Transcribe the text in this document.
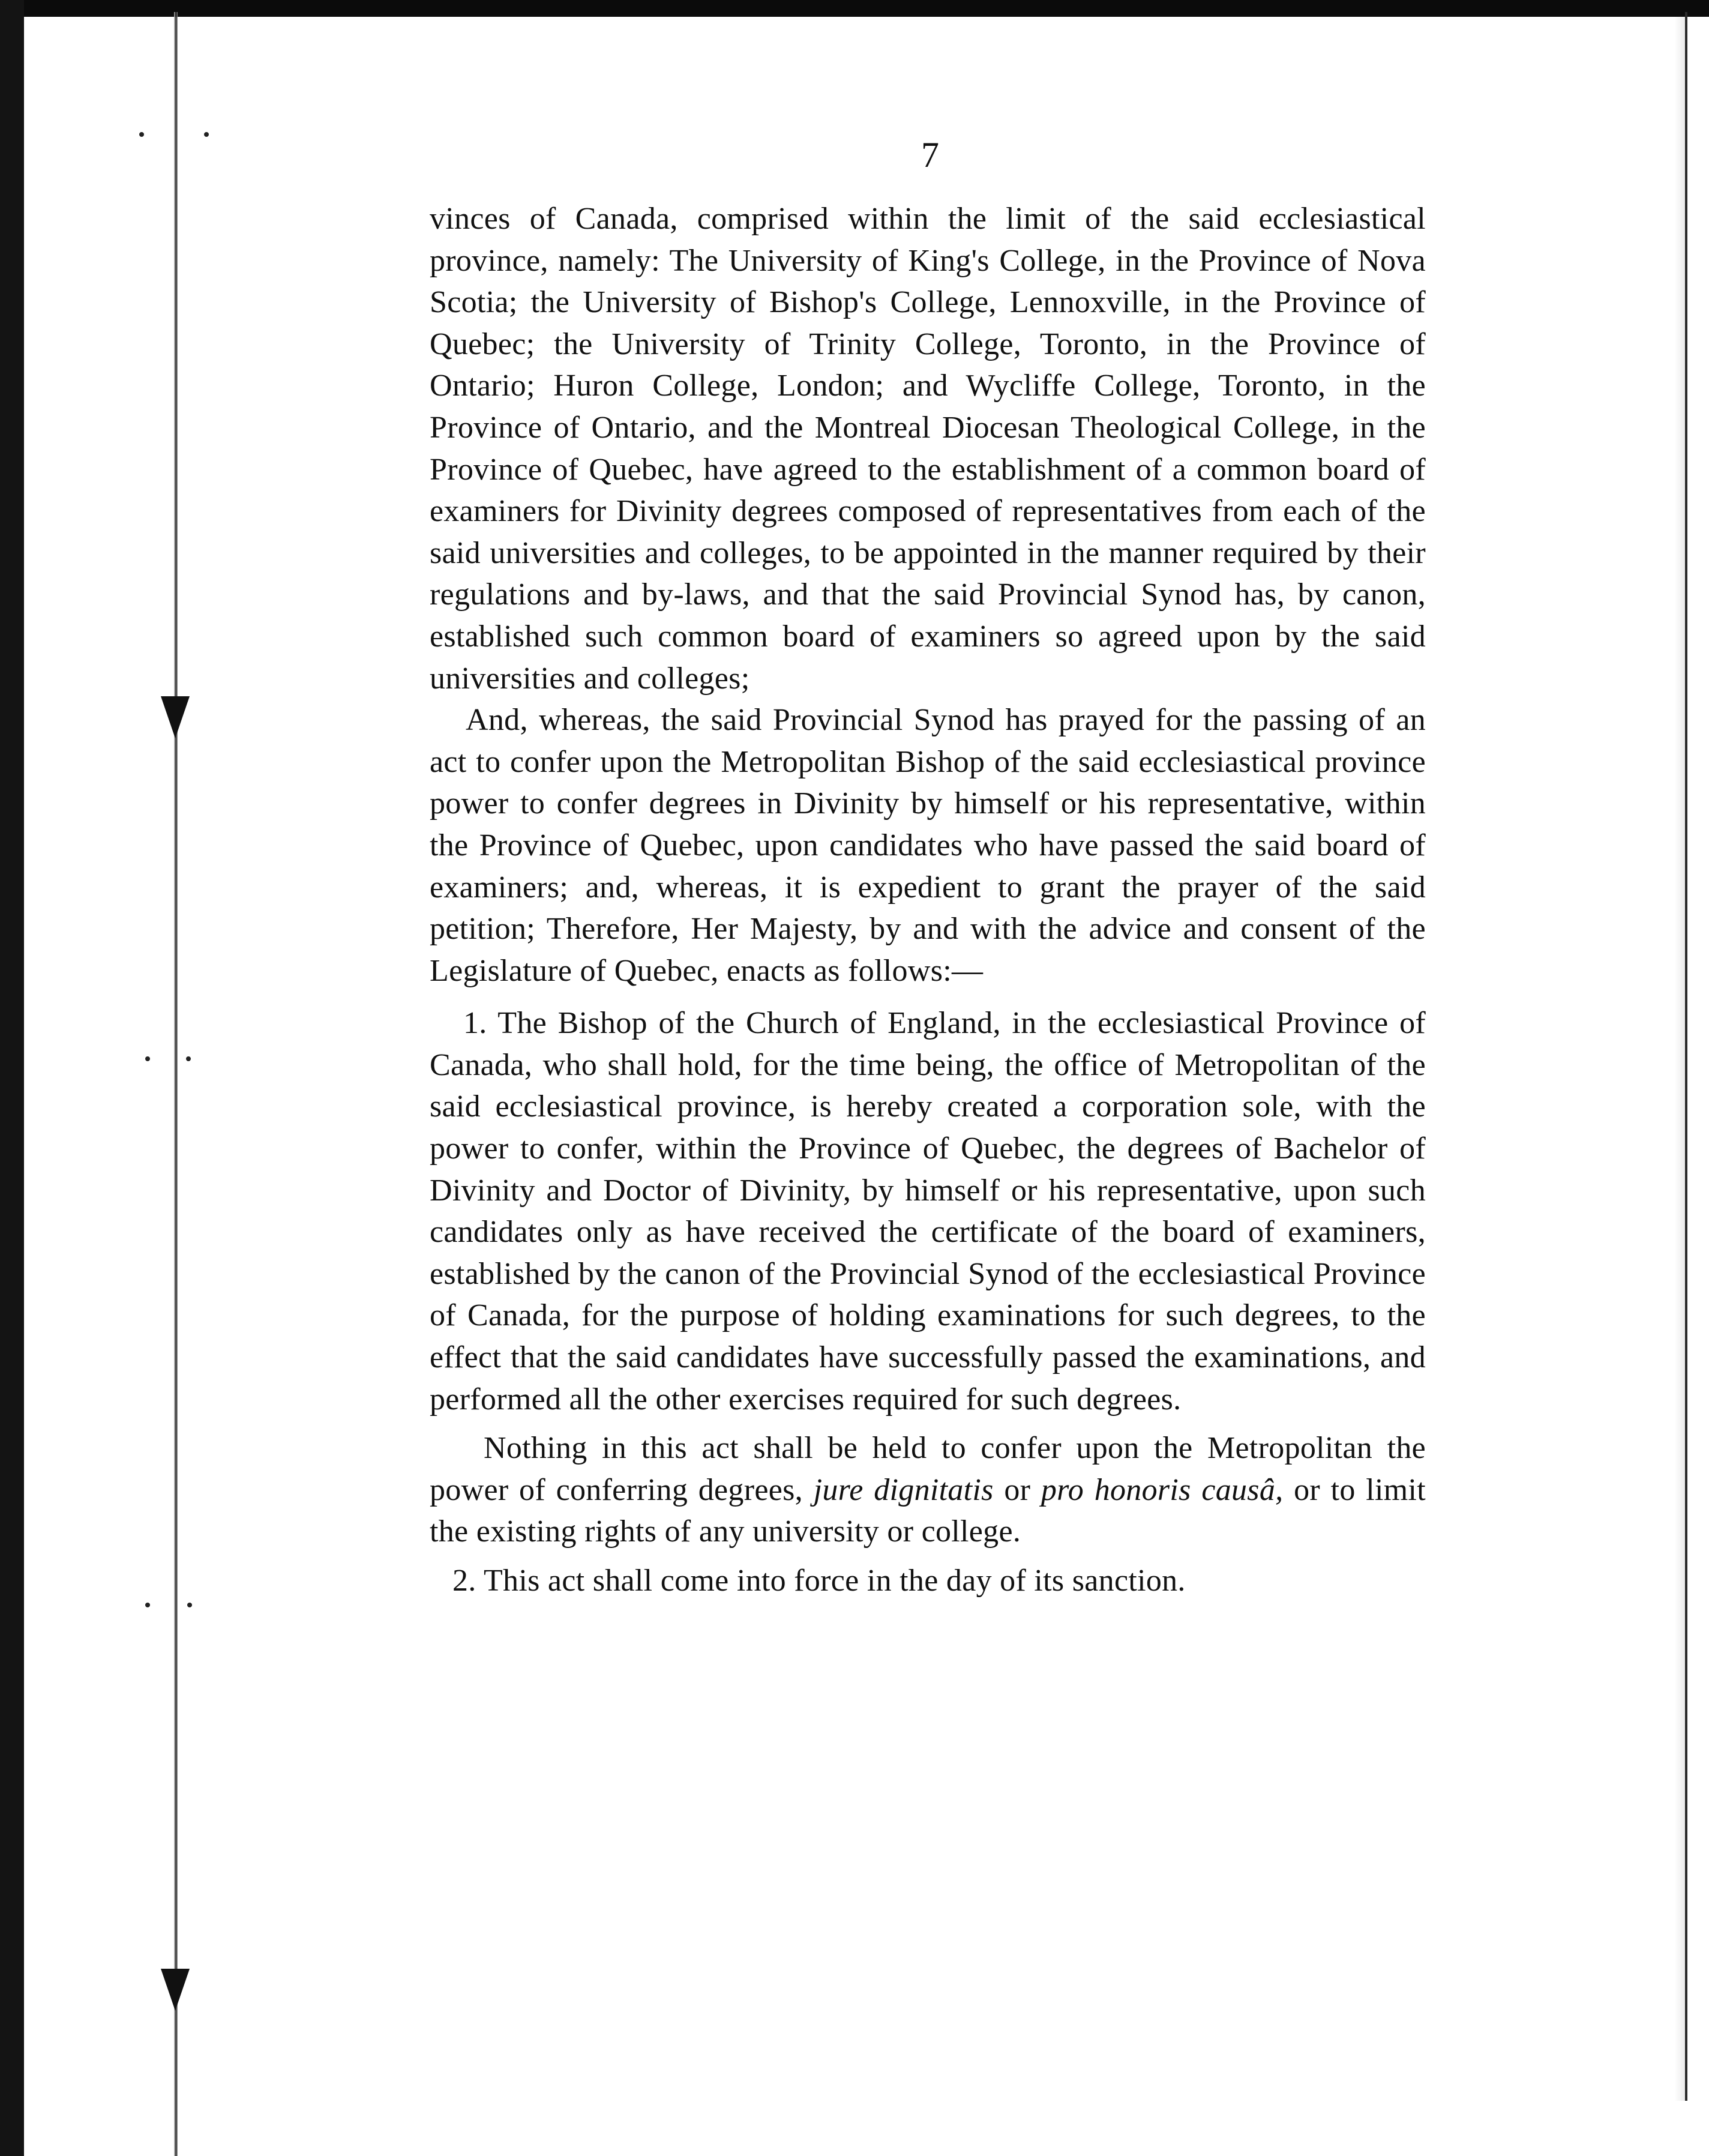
7

vinces of Canada, comprised within the limit of the said ecclesiastical province, namely: The University of King's College, in the Province of Nova Scotia; the University of Bishop's College, Lennoxville, in the Province of Quebec; the University of Trinity College, Toronto, in the Province of Ontario; Huron College, London; and Wycliffe College, Toronto, in the Province of Ontario, and the Montreal Diocesan Theological College, in the Province of Quebec, have agreed to the establishment of a common board of examiners for Divinity degrees composed of representatives from each of the said universities and colleges, to be appointed in the manner required by their regulations and by-laws, and that the said Provincial Synod has, by canon, established such common board of examiners so agreed upon by the said universities and colleges;

And, whereas, the said Provincial Synod has prayed for the passing of an act to confer upon the Metropolitan Bishop of the said ecclesiastical province power to confer degrees in Divinity by himself or his representative, within the Province of Quebec, upon candidates who have passed the said board of examiners; and, whereas, it is expedient to grant the prayer of the said petition; Therefore, Her Majesty, by and with the advice and consent of the Legislature of Quebec, enacts as follows:—

1. The Bishop of the Church of England, in the ecclesiastical Province of Canada, who shall hold, for the time being, the office of Metropolitan of the said ecclesiastical province, is hereby created a corporation sole, with the power to confer, within the Province of Quebec, the degrees of Bachelor of Divinity and Doctor of Divinity, by himself or his representative, upon such candidates only as have received the certificate of the board of examiners, established by the canon of the Provincial Synod of the ecclesiastical Province of Canada, for the purpose of holding examinations for such degrees, to the effect that the said candidates have successfully passed the examinations, and performed all the other exercises required for such degrees.

Nothing in this act shall be held to confer upon the Metropolitan the power of conferring degrees, jure dignitatis or pro honoris causâ, or to limit the existing rights of any university or college.

2. This act shall come into force in the day of its sanction.
